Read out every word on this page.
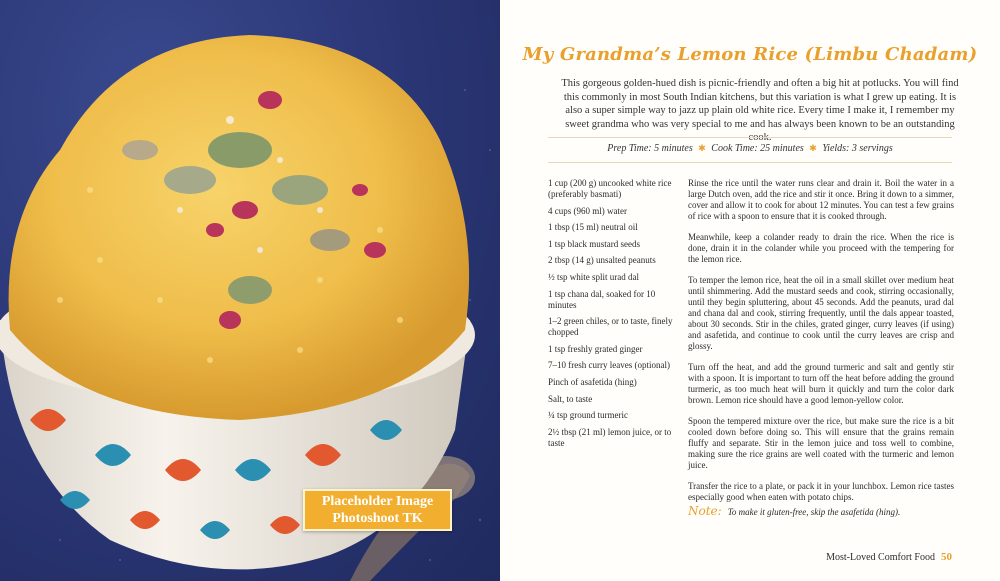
Placeholder Image
Photoshoot TK
My Grandma’s Lemon Rice (Limbu Chadam)

This gorgeous golden-hued dish is picnic-friendly and often a big hit at potlucks. You will find this commonly in most South Indian kitchens, but this variation is what I grew up eating. It is also a super simple way to jazz up plain old white rice. Every time I make it, I remember my sweet grandma who was very special to me and has always been known to be an outstanding

Prep Time: 5 minutes ✱ Cook Time: 25 minutes ✱ Yields: 3 servings
1 cup (200 g) uncooked white rice (preferably basmati)
4 cups (960 ml) water
1 tbsp (15 ml) neutral oil
1 tsp black mustard seeds
2 tbsp (14 g) unsalted peanuts
½ tsp white split urad dal
1 tsp chana dal, soaked for 10 minutes
1–2 green chiles, or to taste, finely chopped
1 tsp freshly grated ginger
7–10 fresh curry leaves (optional)
Pinch of asafetida (hing)
Salt, to taste
¼ tsp ground turmeric
2½ tbsp (21 ml) lemon juice, or to taste

Rinse the rice until the water runs clear and drain it. Boil the water in a large Dutch oven, add the rice and stir it once. Bring it down to a simmer, cover and allow it to cook for about 12 minutes. You can test a few grains of rice with a spoon to ensure that it is cooked through.

Meanwhile, keep a colander ready to drain the rice. When the rice is done, drain it in the colander while you proceed with the tempering for the lemon rice.

To temper the lemon rice, heat the oil in a small skillet over medium heat until shimmering. Add the mustard seeds and cook, stirring occasionally, until they begin spluttering, about 45 seconds. Add the peanuts, urad dal and chana dal and cook, stirring frequently, until the dals appear toasted, about 30 seconds. Stir in the chiles, grated ginger, curry leaves (if using) and asafetida, and continue to cook until the curry leaves are crisp and glossy.

Turn off the heat, and add the ground turmeric and salt and gently stir with a spoon. It is important to turn off the heat before adding the ground turmeric, as too much heat will burn it quickly and turn the color dark brown. Lemon rice should have a good lemon-yellow color.

Spoon the tempered mixture over the rice, but make sure the rice is a bit cooled down before doing so. This will ensure that the grains remain fluffy and separate. Stir in the lemon juice and toss well to combine, making sure the rice grains are well coated with the turmeric and lemon juice.

Transfer the rice to a plate, or pack it in your lunchbox. Lemon rice tastes especially good when eaten with potato chips.

Note: To make it gluten-free, skip the asafetida (hing).
Most-Loved Comfort Food 50
